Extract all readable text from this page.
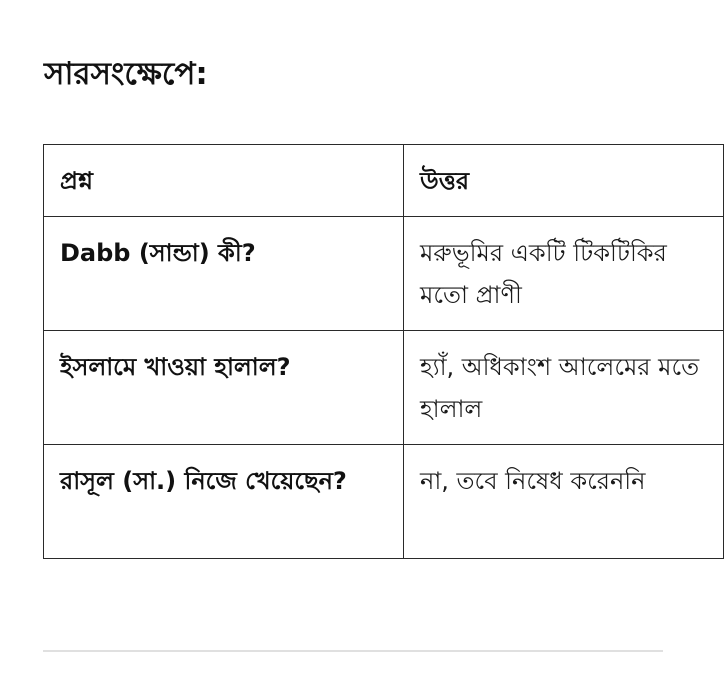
সারসংক্ষেপে:
প্রশ্ন	উত্তর
Dabb (সান্ডা) কী?	মরুভূমির একটি টিকটিকির মতো প্রাণী

ইসলামে খাওয়া হালাল?	হ্যাঁ, অধিকাংশ আলেমের মতে হালাল

রাসূল (সা.) নিজে খেয়েছেন?	না, তবে নিষেধ করেননি
